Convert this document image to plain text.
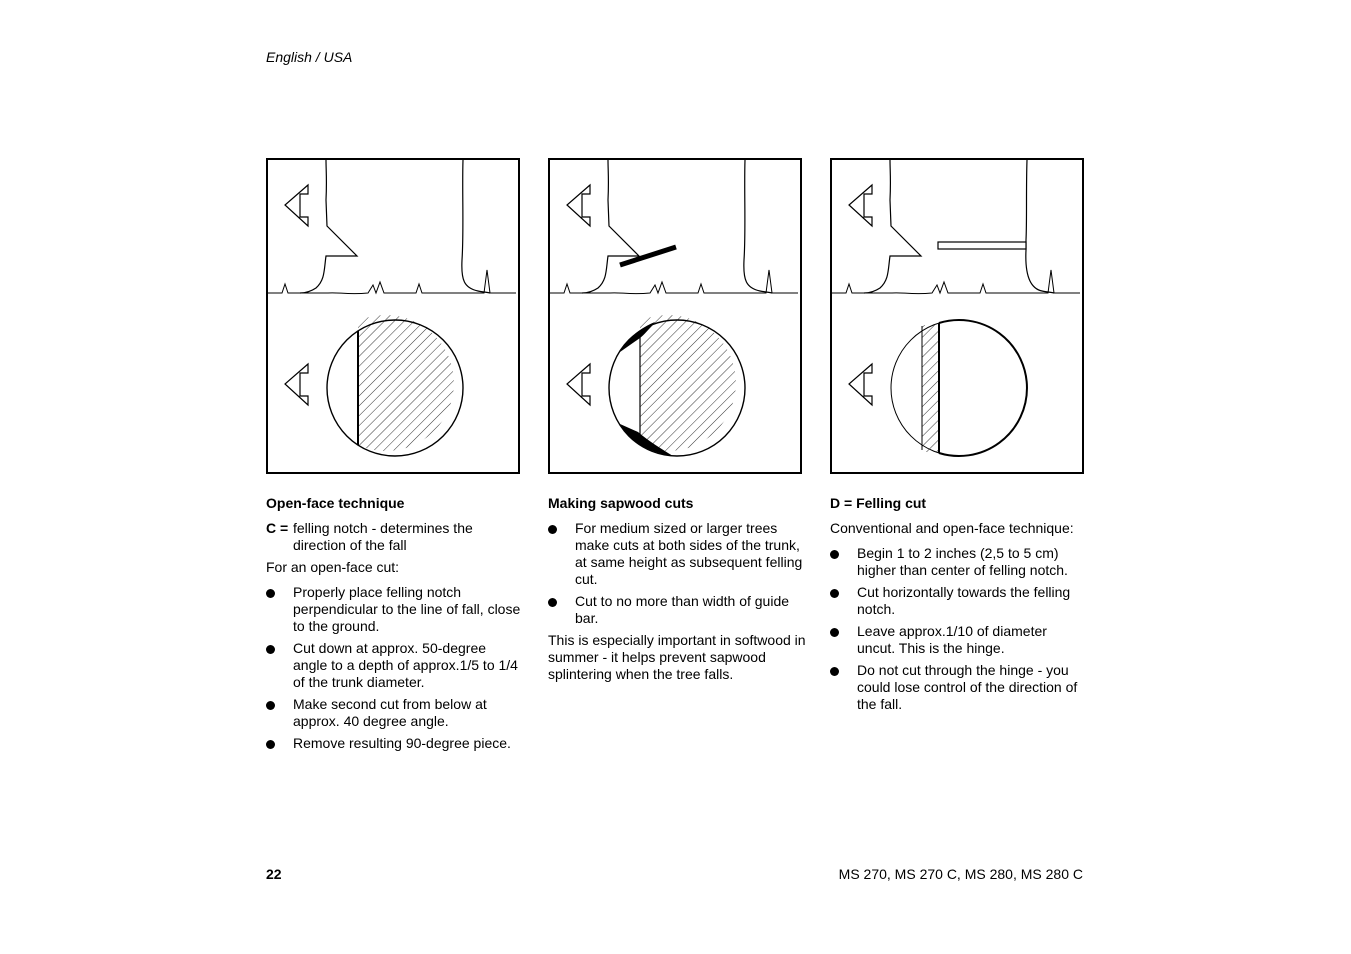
English / USA
Open-face technique
C = felling notch - determines the direction of the fall
For an open-face cut:
Properly place felling notch perpendicular to the line of fall, close to the ground.
Cut down at approx. 50-degree angle to a depth of approx.1/5 to 1/4 of the trunk diameter.
Make second cut from below at approx. 40 degree angle.
Remove resulting 90-degree piece.
Making sapwood cuts
For medium sized or larger trees make cuts at both sides of the trunk, at same height as subsequent felling cut.
Cut to no more than width of guide bar.
This is especially important in softwood in summer - it helps prevent sapwood splintering when the tree falls.
D = Felling cut
Conventional and open-face technique:
Begin 1 to 2 inches (2,5 to 5 cm) higher than center of felling notch.
Cut horizontally towards the felling notch.
Leave approx.1/10 of diameter uncut. This is the hinge.
Do not cut through the hinge - you could lose control of the direction of the fall.
22	MS 270, MS 270 C, MS 280, MS 280 C
